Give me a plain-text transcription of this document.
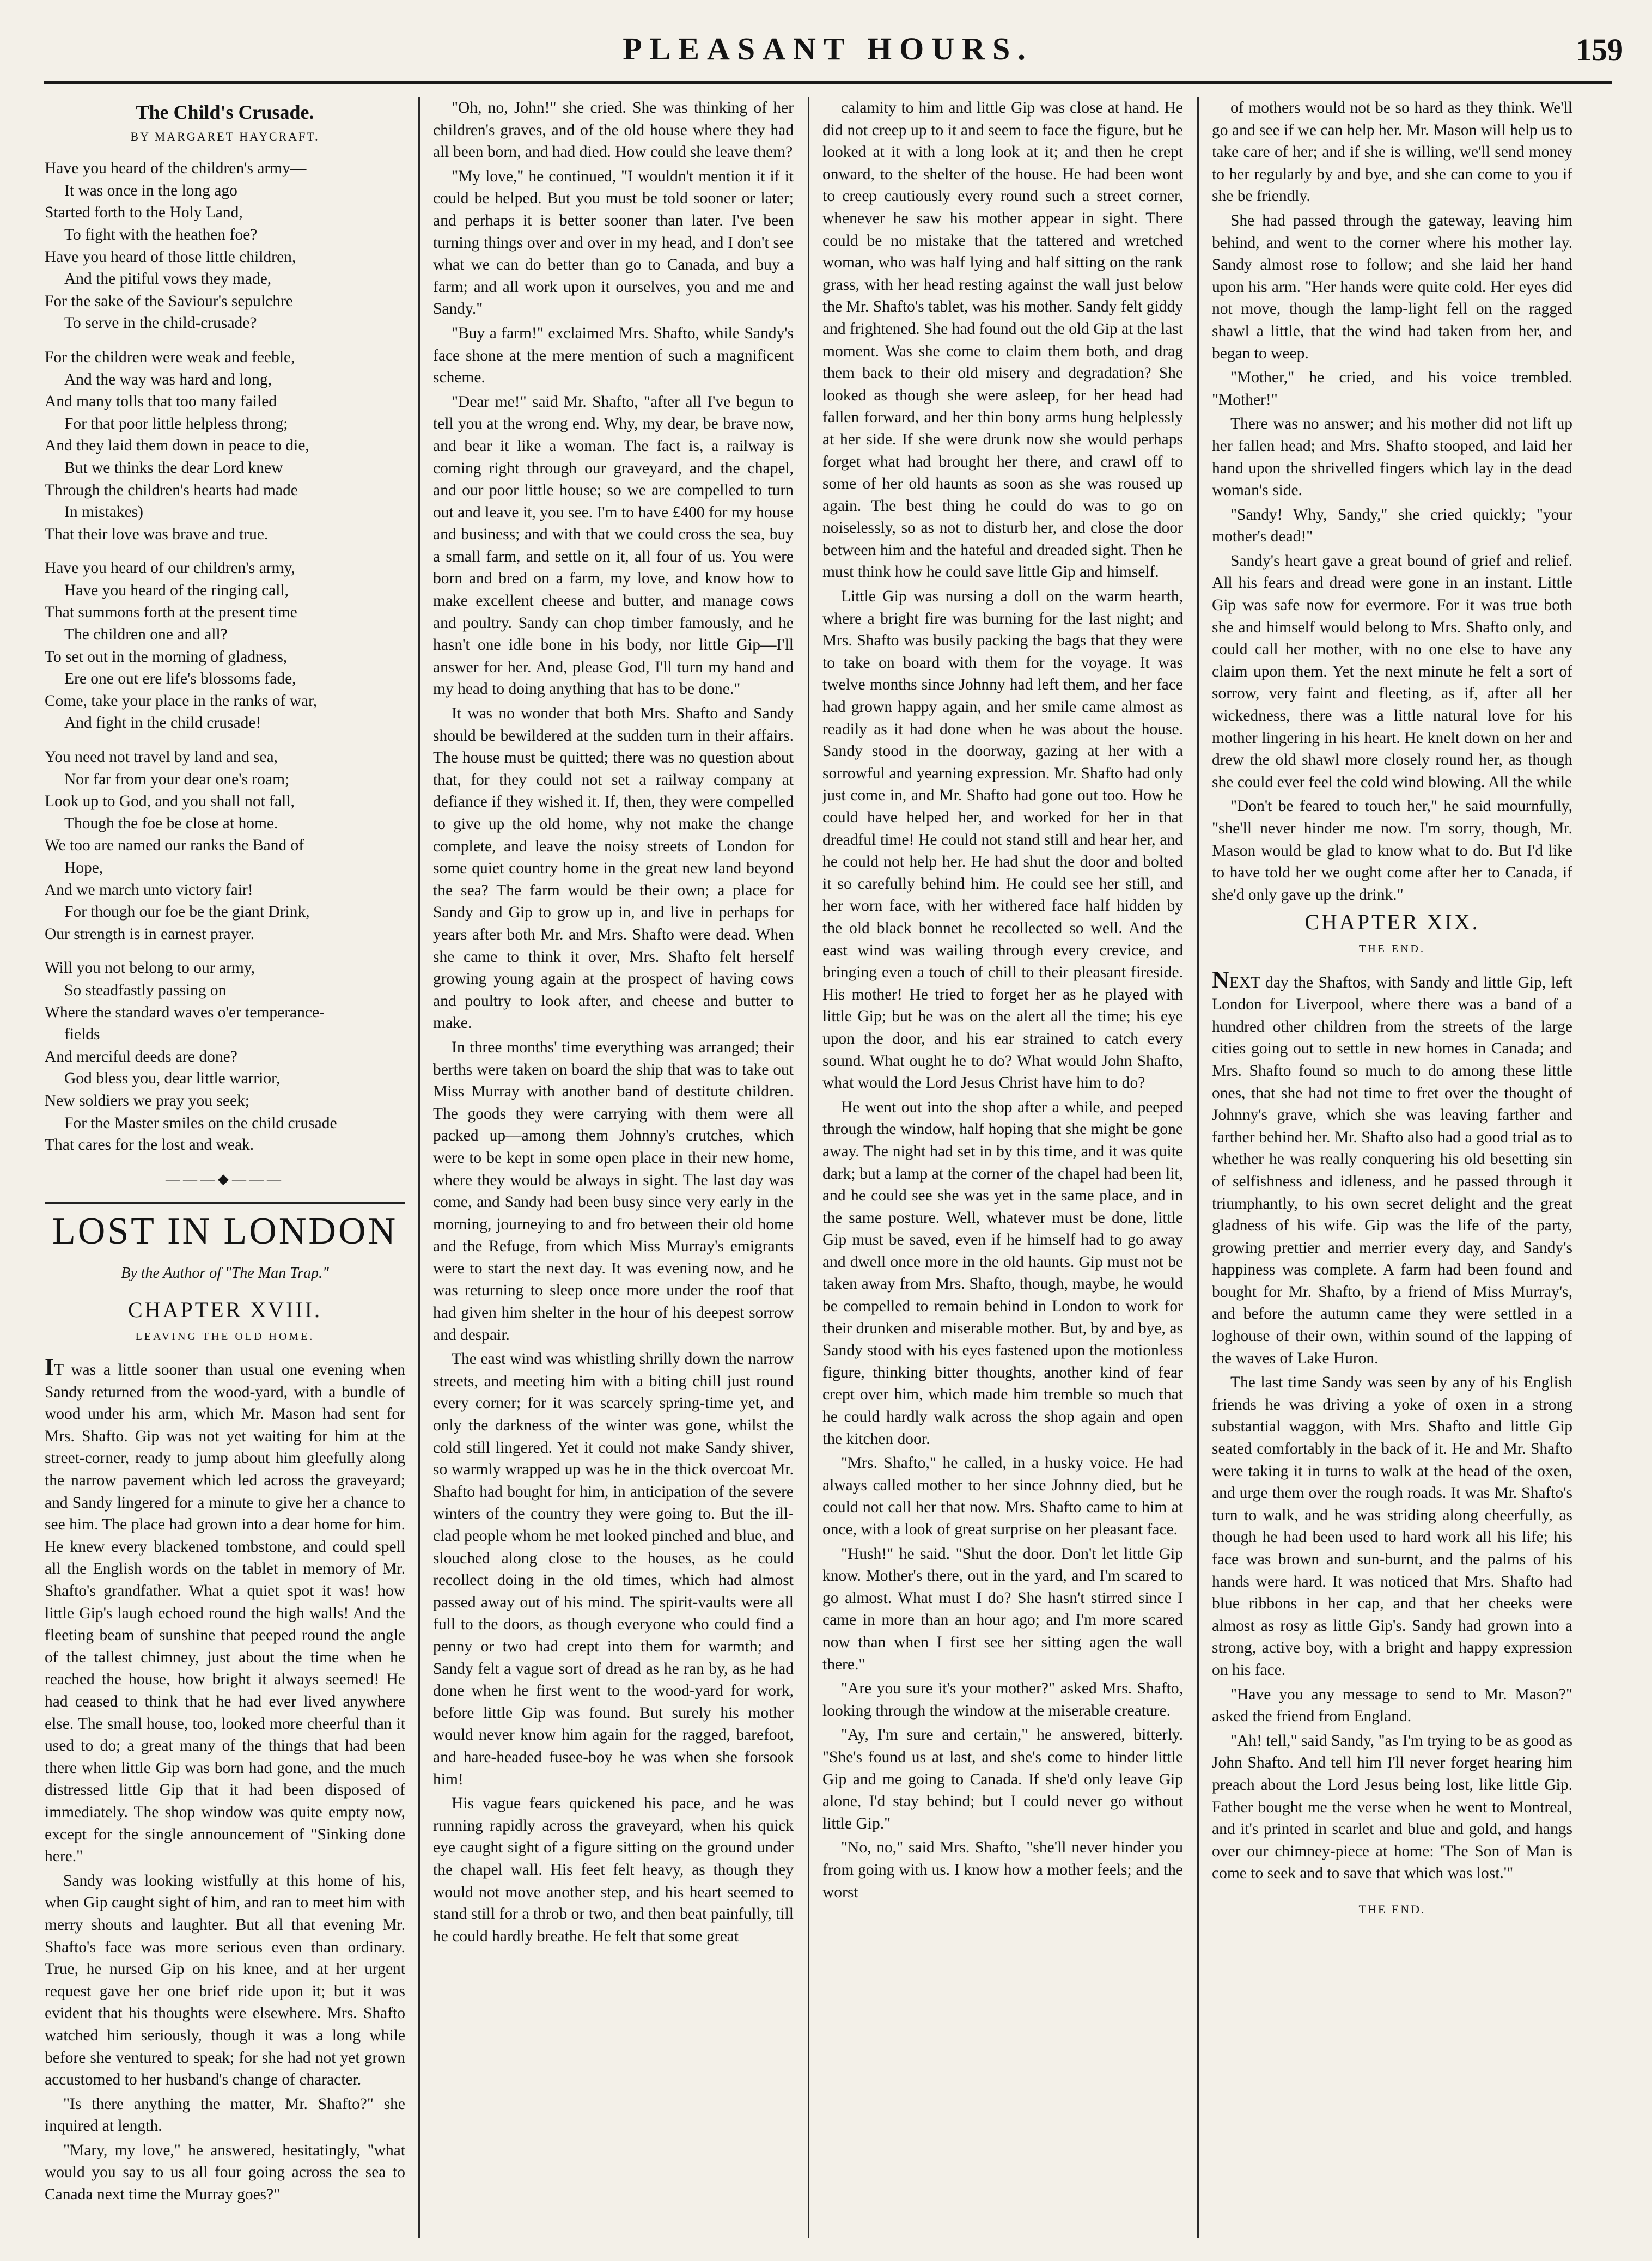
PLEASANT HOURS.	159
The Child's Crusade.
BY MARGARET HAYCRAFT.
Have you heard of the children's army—
It was once in the long ago
Started forth to the Holy Land,
To fight with the heathen foe?
Have you heard of those little children,
And the pitiful vows they made,
For the sake of the Saviour's sepulchre
To serve in the child-crusade?
For the children were weak and feeble,
And the way was hard and long,
And many tolls that too many failed
For that poor little helpless throng;
And they laid them down in peace to die,
But we thinks the dear Lord knew
Through the children's hearts had made
In mistakes)
That their love was brave and true.
Have you heard of our children's army,
Have you heard of the ringing call,
That summons forth at the present time
The children one and all?
To set out in the morning of gladness,
Ere one out ere life's blossoms fade,
Come, take your place in the ranks of war,
And fight in the child crusade!
You need not travel by land and sea,
Nor far from your dear one's roam;
Look up to God, and you shall not fall,
Though the foe be close at home.
We too are named our ranks the Band of
Hope,
And we march unto victory fair!
For though our foe be the giant Drink,
Our strength is in earnest prayer.
Will you not belong to our army,
So steadfastly passing on
Where the standard waves o'er temperance-
fields
And merciful deeds are done?
God bless you, dear little warrior,
New soldiers we pray you seek;
For the Master smiles on the child crusade
That cares for the lost and weak.
———◆———
LOST IN LONDON
By the Author of "The Man Trap."
CHAPTER XVIII.
LEAVING THE OLD HOME.

IT was a little sooner than usual one evening when Sandy returned from the wood-yard, with a bundle of wood under his arm, which Mr. Mason had sent for Mrs. Shafto. Gip was not yet waiting for him at the street-corner, ready to jump about him gleefully along the narrow pavement which led across the graveyard; and Sandy lingered for a minute to give her a chance to see him. The place had grown into a dear home for him. He knew every blackened tombstone, and could spell all the English words on the tablet in memory of Mr. Shafto's grandfather. What a quiet spot it was! how little Gip's laugh echoed round the high walls! And the fleeting beam of sunshine that peeped round the angle of the tallest chimney, just about the time when he reached the house, how bright it always seemed! He had ceased to think that he had ever lived anywhere else. The small house, too, looked more cheerful than it used to do; a great many of the things that had been there when little Gip was born had gone, and the much distressed little Gip that it had been disposed of immediately. The shop window was quite empty now, except for the single announcement of "Sinking done here."

Sandy was looking wistfully at this home of his, when Gip caught sight of him, and ran to meet him with merry shouts and laughter. But all that evening Mr. Shafto's face was more serious even than ordinary. True, he nursed Gip on his knee, and at her urgent request gave her one brief ride upon it; but it was evident that his thoughts were elsewhere. Mrs. Shafto watched him seriously, though it was a long while before she ventured to speak; for she had not yet grown accustomed to her husband's change of character.

"Is there anything the matter, Mr. Shafto?" she inquired at length.

"Mary, my love," he answered, hesitatingly, "what would you say to us all four going across the sea to Canada next time the Murray goes?"

"Oh, no, John!" she cried. She was thinking of her children's graves, and of the old house where they had all been born, and had died. How could she leave them?

"My love," he continued, "I wouldn't mention it if it could be helped. But you must be told sooner or later; and perhaps it is better sooner than later. I've been turning things over and over in my head, and I don't see what we can do better than go to Canada, and buy a farm; and all work upon it ourselves, you and me and Sandy."

"Buy a farm!" exclaimed Mrs. Shafto, while Sandy's face shone at the mere mention of such a magnificent scheme.

"Dear me!" said Mr. Shafto, "after all I've begun to tell you at the wrong end. Why, my dear, be brave now, and bear it like a woman. The fact is, a railway is coming right through our graveyard, and the chapel, and our poor little house; so we are compelled to turn out and leave it, you see. I'm to have £400 for my house and business; and with that we could cross the sea, buy a small farm, and settle on it, all four of us. You were born and bred on a farm, my love, and know how to make excellent cheese and butter, and manage cows and poultry. Sandy can chop timber famously, and he hasn't one idle bone in his body, nor little Gip—I'll answer for her. And, please God, I'll turn my hand and my head to doing anything that has to be done."

It was no wonder that both Mrs. Shafto and Sandy should be bewildered at the sudden turn in their affairs. The house must be quitted; there was no question about that, for they could not set a railway company at defiance if they wished it. If, then, they were compelled to give up the old home, why not make the change complete, and leave the noisy streets of London for some quiet country home in the great new land beyond the sea? The farm would be their own; a place for Sandy and Gip to grow up in, and live in perhaps for years after both Mr. and Mrs. Shafto were dead. When she came to think it over, Mrs. Shafto felt herself growing young again at the prospect of having cows and poultry to look after, and cheese and butter to make.

In three months' time everything was arranged; their berths were taken on board the ship that was to take out Miss Murray with another band of destitute children. The goods they were carrying with them were all packed up—among them Johnny's crutches, which were to be kept in some open place in their new home, where they would be always in sight. The last day was come, and Sandy had been busy since very early in the morning, journeying to and fro between their old home and the Refuge, from which Miss Murray's emigrants were to start the next day. It was evening now, and he was returning to sleep once more under the roof that had given him shelter in the hour of his deepest sorrow and despair.

The east wind was whistling shrilly down the narrow streets, and meeting him with a biting chill just round every corner; for it was scarcely spring-time yet, and only the darkness of the winter was gone, whilst the cold still lingered. Yet it could not make Sandy shiver, so warmly wrapped up was he in the thick overcoat Mr. Shafto had bought for him, in anticipation of the severe winters of the country they were going to. But the ill-clad people whom he met looked pinched and blue, and slouched along close to the houses, as he could recollect doing in the old times, which had almost passed away out of his mind. The spirit-vaults were all full to the doors, as though everyone who could find a penny or two had crept into them for warmth; and Sandy felt a vague sort of dread as he ran by, as he had done when he first went to the wood-yard for work, before little Gip was found. But surely his mother would never know him again for the ragged, barefoot, and hare-headed fusee-boy he was when she forsook him!

His vague fears quickened his pace, and he was running rapidly across the graveyard, when his quick eye caught sight of a figure sitting on the ground under the chapel wall. His feet felt heavy, as though they would not move another step, and his heart seemed to stand still for a throb or two, and then beat painfully, till he could hardly breathe. He felt that some great

calamity to him and little Gip was close at hand. He did not creep up to it and seem to face the figure, but he looked at it with a long look at it; and then he crept onward, to the shelter of the house. He had been wont to creep cautiously every round such a street corner, whenever he saw his mother appear in sight. There could be no mistake that the tattered and wretched woman, who was half lying and half sitting on the rank grass, with her head resting against the wall just below the Mr. Shafto's tablet, was his mother. Sandy felt giddy and frightened. She had found out the old Gip at the last moment. Was she come to claim them both, and drag them back to their old misery and degradation? She looked as though she were asleep, for her head had fallen forward, and her thin bony arms hung helplessly at her side. If she were drunk now she would perhaps forget what had brought her there, and crawl off to some of her old haunts as soon as she was roused up again. The best thing he could do was to go on noiselessly, so as not to disturb her, and close the door between him and the hateful and dreaded sight. Then he must think how he could save little Gip and himself.

Little Gip was nursing a doll on the warm hearth, where a bright fire was burning for the last night; and Mrs. Shafto was busily packing the bags that they were to take on board with them for the voyage. It was twelve months since Johnny had left them, and her face had grown happy again, and her smile came almost as readily as it had done when he was about the house. Sandy stood in the doorway, gazing at her with a sorrowful and yearning expression. Mr. Shafto had only just come in, and Mr. Shafto had gone out too. How he could have helped her, and worked for her in that dreadful time! He could not stand still and hear her, and he could not help her. He had shut the door and bolted it so carefully behind him. He could see her still, and her worn face, with her withered face half hidden by the old black bonnet he recollected so well. And the east wind was wailing through every crevice, and bringing even a touch of chill to their pleasant fireside. His mother! He tried to forget her as he played with little Gip; but he was on the alert all the time; his eye upon the door, and his ear strained to catch every sound. What ought he to do? What would John Shafto, what would the Lord Jesus Christ have him to do?

He went out into the shop after a while, and peeped through the window, half hoping that she might be gone away. The night had set in by this time, and it was quite dark; but a lamp at the corner of the chapel had been lit, and he could see she was yet in the same place, and in the same posture. Well, whatever must be done, little Gip must be saved, even if he himself had to go away and dwell once more in the old haunts. Gip must not be taken away from Mrs. Shafto, though, maybe, he would be compelled to remain behind in London to work for their drunken and miserable mother. But, by and bye, as Sandy stood with his eyes fastened upon the motionless figure, thinking bitter thoughts, another kind of fear crept over him, which made him tremble so much that he could hardly walk across the shop again and open the kitchen door.

"Mrs. Shafto," he called, in a husky voice. He had always called mother to her since Johnny died, but he could not call her that now. Mrs. Shafto came to him at once, with a look of great surprise on her pleasant face.

"Hush!" he said. "Shut the door. Don't let little Gip know. Mother's there, out in the yard, and I'm scared to go almost. What must I do? She hasn't stirred since I came in more than an hour ago; and I'm more scared now than when I first see her sitting agen the wall there."

"Are you sure it's your mother?" asked Mrs. Shafto, looking through the window at the miserable creature.

"Ay, I'm sure and certain," he answered, bitterly. "She's found us at last, and she's come to hinder little Gip and me going to Canada. If she'd only leave Gip alone, I'd stay behind; but I could never go without little Gip."

"No, no," said Mrs. Shafto, "she'll never hinder you from going with us. I know how a mother feels; and the worst

of mothers would not be so hard as they think. We'll go and see if we can help her. Mr. Mason will help us to take care of her; and if she is willing, we'll send money to her regularly by and bye, and she can come to you if she be friendly.

She had passed through the gateway, leaving him behind, and went to the corner where his mother lay. Sandy almost rose to follow; and she laid her hand upon his arm. "Her hands were quite cold. Her eyes did not move, though the lamp-light fell on the ragged shawl a little, that the wind had taken from her, and began to weep.

"Mother," he cried, and his voice trembled. "Mother!"

There was no answer; and his mother did not lift up her fallen head; and Mrs. Shafto stooped, and laid her hand upon the shrivelled fingers which lay in the dead woman's side.

"Sandy! Why, Sandy," she cried quickly; "your mother's dead!"

Sandy's heart gave a great bound of grief and relief. All his fears and dread were gone in an instant. Little Gip was safe now for evermore. For it was true both she and himself would belong to Mrs. Shafto only, and could call her mother, with no one else to have any claim upon them. Yet the next minute he felt a sort of sorrow, very faint and fleeting, as if, after all her wickedness, there was a little natural love for his mother lingering in his heart. He knelt down on her and drew the old shawl more closely round her, as though she could ever feel the cold wind blowing. All the while

"Don't be feared to touch her," he said mournfully, "she'll never hinder me now. I'm sorry, though, Mr. Mason would be glad to know what to do. But I'd like to have told her we ought come after her to Canada, if she'd only gave up the drink."

CHAPTER XIX.
THE END.

NEXT day the Shaftos, with Sandy and little Gip, left London for Liverpool, where there was a band of a hundred other children from the streets of the large cities going out to settle in new homes in Canada; and Mrs. Shafto found so much to do among these little ones, that she had not time to fret over the thought of Johnny's grave, which she was leaving farther and farther behind her. Mr. Shafto also had a good trial as to whether he was really conquering his old besetting sin of selfishness and idleness, and he passed through it triumphantly, to his own secret delight and the great gladness of his wife. Gip was the life of the party, growing prettier and merrier every day, and Sandy's happiness was complete. A farm had been found and bought for Mr. Shafto, by a friend of Miss Murray's, and before the autumn came they were settled in a loghouse of their own, within sound of the lapping of the waves of Lake Huron.

The last time Sandy was seen by any of his English friends he was driving a yoke of oxen in a strong substantial waggon, with Mrs. Shafto and little Gip seated comfortably in the back of it. He and Mr. Shafto were taking it in turns to walk at the head of the oxen, and urge them over the rough roads. It was Mr. Shafto's turn to walk, and he was striding along cheerfully, as though he had been used to hard work all his life; his face was brown and sun-burnt, and the palms of his hands were hard. It was noticed that Mrs. Shafto had blue ribbons in her cap, and that her cheeks were almost as rosy as little Gip's. Sandy had grown into a strong, active boy, with a bright and happy expression on his face.

"Have you any message to send to Mr. Mason?" asked the friend from England.

"Ah! tell," said Sandy, "as I'm trying to be as good as John Shafto. And tell him I'll never forget hearing him preach about the Lord Jesus being lost, like little Gip. Father bought me the verse when he went to Montreal, and it's printed in scarlet and blue and gold, and hangs over our chimney-piece at home: 'The Son of Man is come to seek and to save that which was lost.'"

THE END.
